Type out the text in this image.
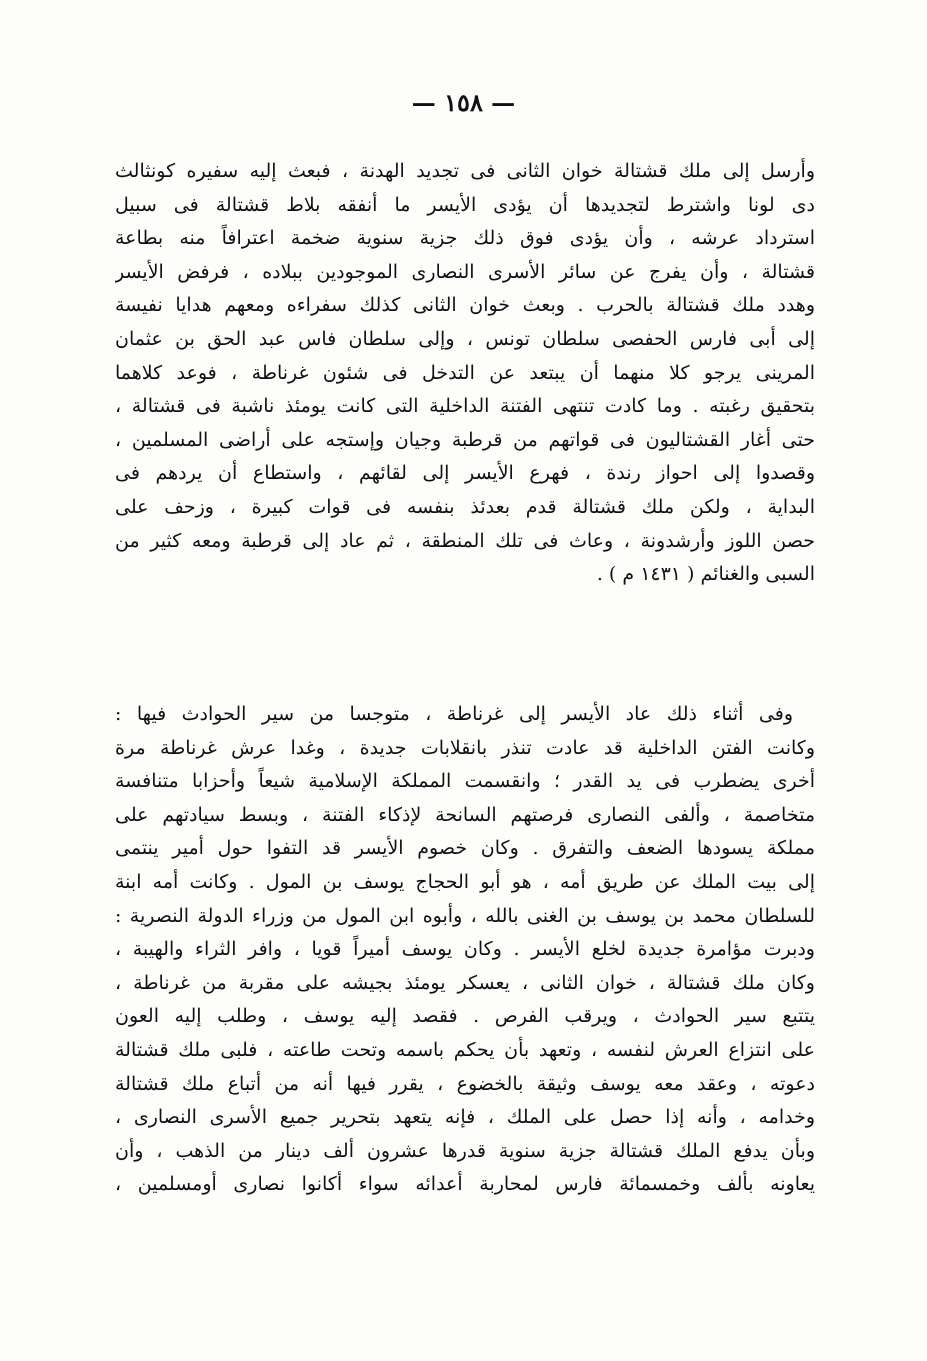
— ١٥٨ —
وأرسل إلى ملك قشتالة خوان الثانى فى تجديد الهدنة ، فبعث إليه سفيره كونثالث
دى لونا واشترط لتجديدها أن يؤدى الأيسر ما أنفقه بلاط قشتالة فى سبيل
استرداد عرشه ، وأن يؤدى فوق ذلك جزية سنوية ضخمة اعترافاً منه بطاعة
قشتالة ، وأن يفرج عن سائر الأسرى النصارى الموجودين ببلاده ، فرفض الأيسر
وهدد ملك قشتالة بالحرب . وبعث خوان الثانى كذلك سفراءه ومعهم هدايا نفيسة
إلى أبى فارس الحفصى سلطان تونس ، وإلى سلطان فاس عبد الحق بن عثمان
المرينى يرجو كلا منهما أن يبتعد عن التدخل فى شئون غرناطة ، فوعد كلاهما
بتحقيق رغبته . وما كادت تنتهى الفتنة الداخلية التى كانت يومئذ ناشبة فى قشتالة ،
حتى أغار القشتاليون فى قواتهم من قرطبة وجيان وإستجه على أراضى المسلمين ،
وقصدوا إلى احواز رندة ، فهرع الأيسر إلى لقائهم ، واستطاع أن يردهم فى
البداية ، ولكن ملك قشتالة قدم بعدئذ بنفسه فى قوات كبيرة ، وزحف على
حصن اللوز وأرشدونة ، وعاث فى تلك المنطقة ، ثم عاد إلى قرطبة ومعه كثير من
السبى والغنائم ( ١٤٣١ م ) .
وفى أثناء ذلك عاد الأيسر إلى غرناطة ، متوجسا من سير الحوادث فيها :
وكانت الفتن الداخلية قد عادت تنذر بانقلابات جديدة ، وغدا عرش غرناطة مرة
أخرى يضطرب فى يد القدر ؛ وانقسمت المملكة الإسلامية شيعاً وأحزابا متنافسة
متخاصمة ، وألفى النصارى فرصتهم السانحة لإذكاء الفتنة ، وبسط سيادتهم على
مملكة يسودها الضعف والتفرق . وكان خصوم الأيسر قد التفوا حول أمير ينتمى
إلى بيت الملك عن طريق أمه ، هو أبو الحجاج يوسف بن المول . وكانت أمه ابنة
للسلطان محمد بن يوسف بن الغنى بالله ، وأبوه ابن المول من وزراء الدولة النصرية :
ودبرت مؤامرة جديدة لخلع الأيسر . وكان يوسف أميراً قويا ، وافر الثراء والهيبة ،
وكان ملك قشتالة ، خوان الثانى ، يعسكر يومئذ بجيشه على مقربة من غرناطة ،
يتتبع سير الحوادث ، ويرقب الفرص . فقصد إليه يوسف ، وطلب إليه العون
على انتزاع العرش لنفسه ، وتعهد بأن يحكم باسمه وتحت طاعته ، فلبى ملك قشتالة
دعوته ، وعقد معه يوسف وثيقة بالخضوع ، يقرر فيها أنه من أتباع ملك قشتالة
وخدامه ، وأنه إذا حصل على الملك ، فإنه يتعهد بتحرير جميع الأسرى النصارى ،
وبأن يدفع الملك قشتالة جزية سنوية قدرها عشرون ألف دينار من الذهب ، وأن
يعاونه بألف وخمسمائة فارس لمحاربة أعدائه سواء أكانوا نصارى أومسلمين ،
